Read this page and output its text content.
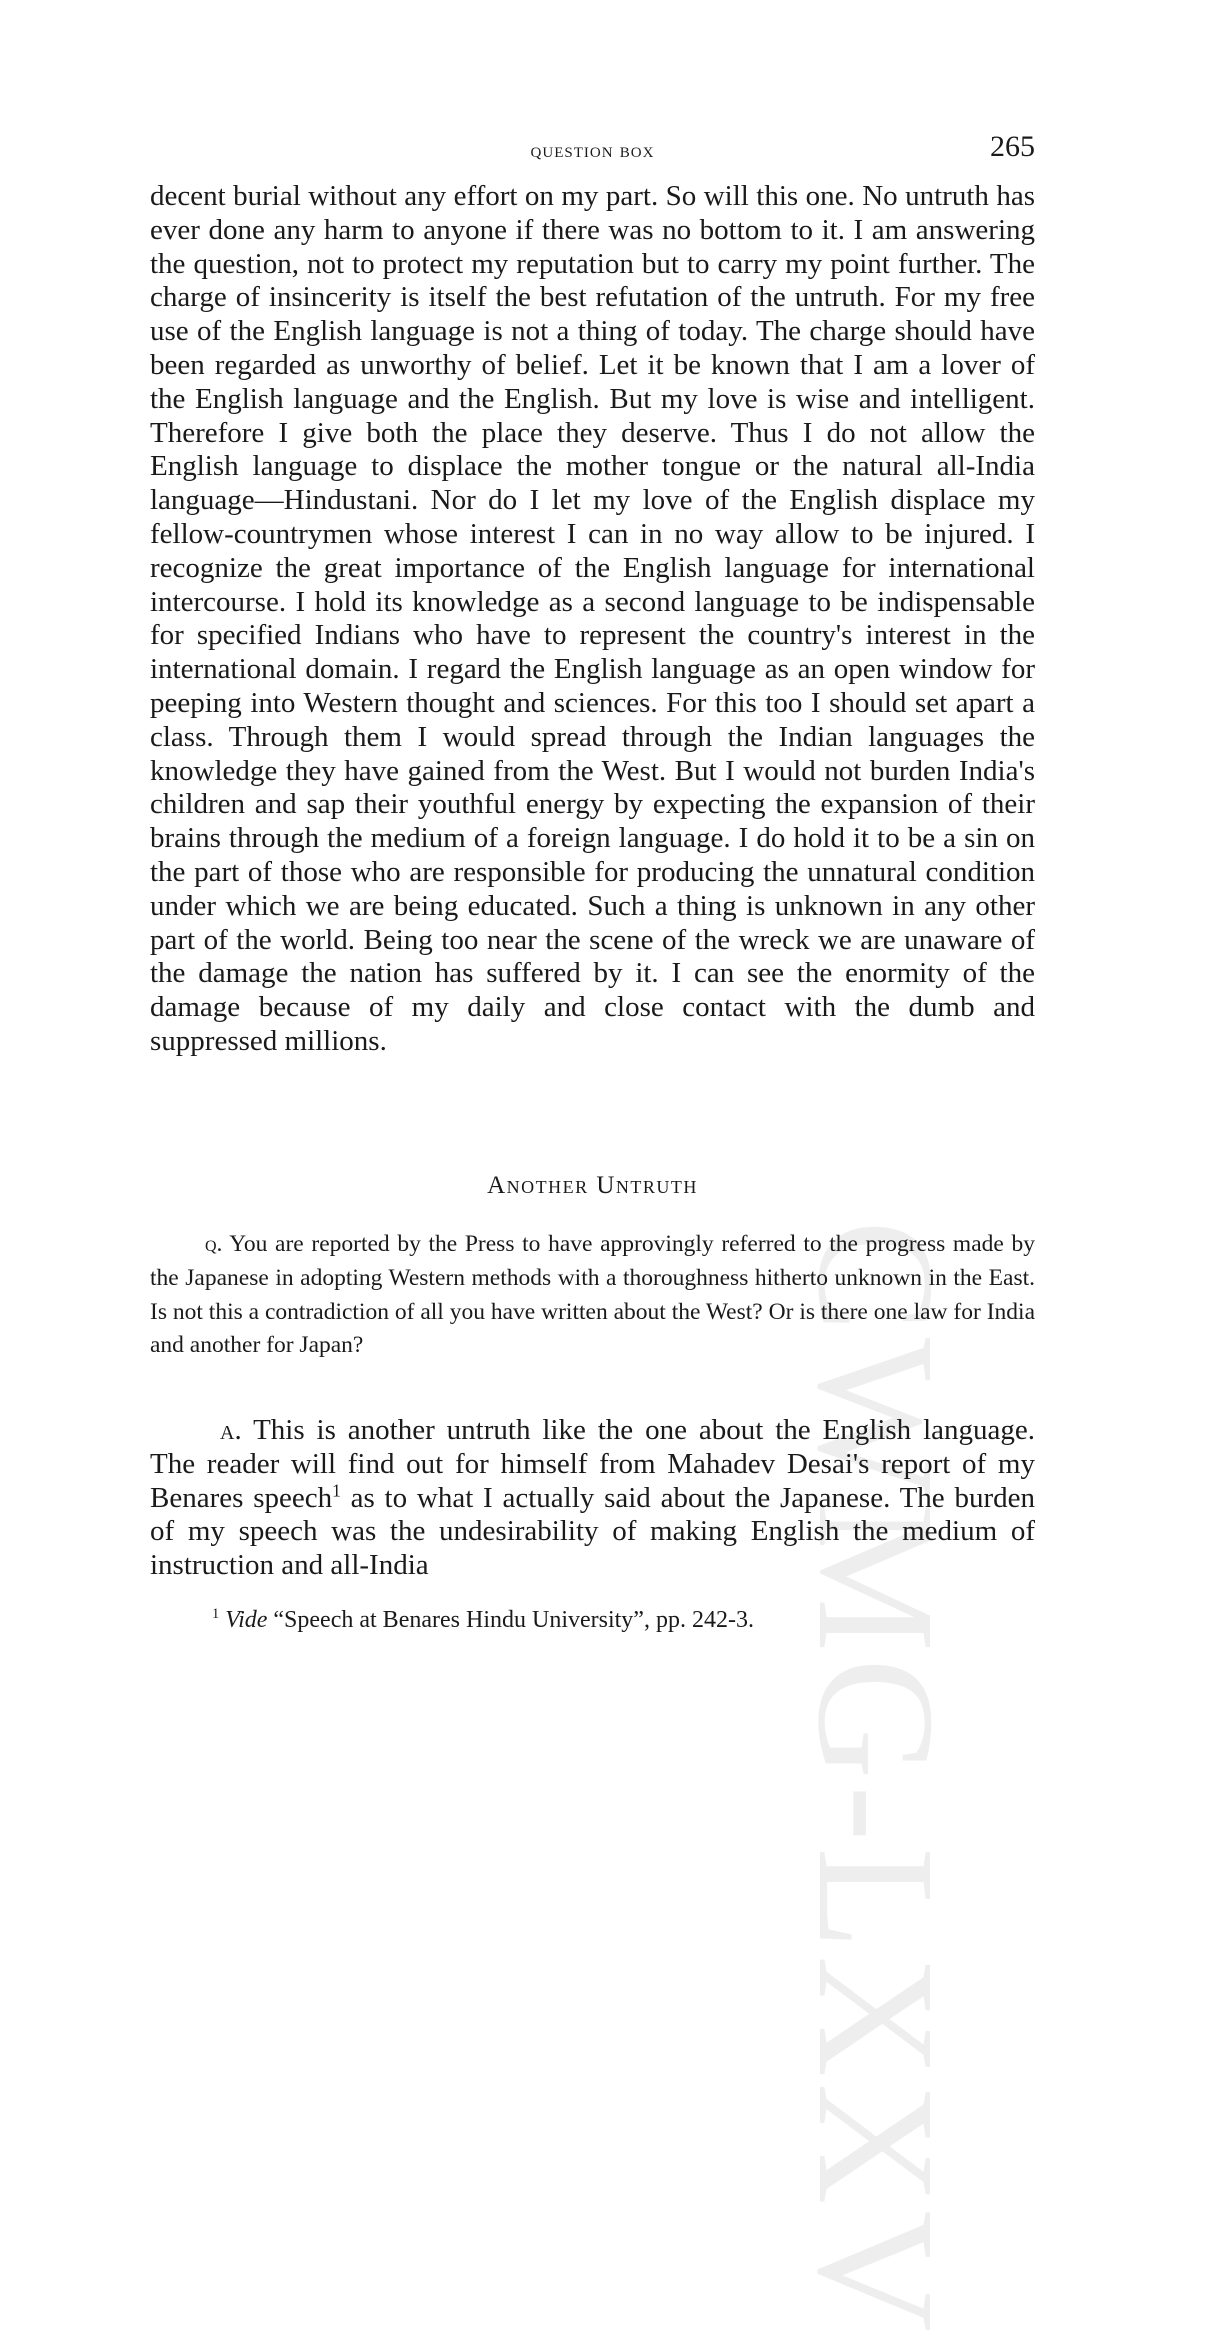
CWMG-LXXV
question box	265

decent burial without any effort on my part. So will this one. No untruth has ever done any harm to anyone if there was no bottom to it. I am answering the question, not to protect my reputation but to carry my point further. The charge of insincerity is itself the best refutation of the untruth. For my free use of the English language is not a thing of today. The charge should have been regarded as unworthy of belief. Let it be known that I am a lover of the English language and the English. But my love is wise and intelligent. Therefore I give both the place they deserve. Thus I do not allow the English language to displace the mother tongue or the natural all-India language—Hindustani. Nor do I let my love of the English displace my fellow-countrymen whose interest I can in no way allow to be injured. I recognize the great importance of the English language for international intercourse. I hold its knowledge as a second language to be indispensable for specified Indians who have to represent the country's interest in the international domain. I regard the English language as an open window for peeping into Western thought and sciences. For this too I should set apart a class. Through them I would spread through the Indian languages the knowledge they have gained from the West. But I would not burden India's children and sap their youthful energy by expecting the expansion of their brains through the medium of a foreign language. I do hold it to be a sin on the part of those who are responsible for producing the unnatural condition under which we are being educated. Such a thing is unknown in any other part of the world. Being too near the scene of the wreck we are unaware of the damage the nation has suffered by it. I can see the enormity of the damage because of my daily and close contact with the dumb and suppressed millions.

Another Untruth

q. You are reported by the Press to have approvingly referred to the progress made by the Japanese in adopting Western methods with a thoroughness hitherto unknown in the East. Is not this a contradiction of all you have written about the West? Or is there one law for India and another for Japan?

a. This is another untruth like the one about the English language. The reader will find out for himself from Mahadev Desai's report of my Benares speech$^1$ as to what I actually said about the Japanese. The burden of my speech was the undesirability of making English the medium of instruction and all-India

$^1$ Vide “Speech at Benares Hindu University”, pp. 242-3.
